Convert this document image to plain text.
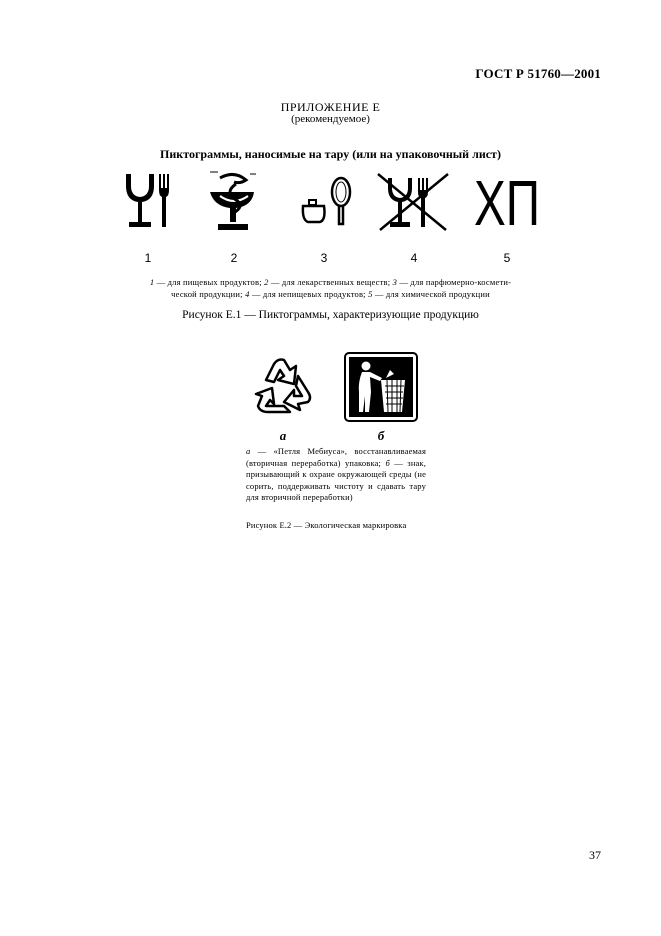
ГОСТ Р 51760—2001
ПРИЛОЖЕНИЕ Е
(рекомендуемое)
Пиктограммы, наносимые на тару (или на упаковочный лист)
1	2	3	4
ХП
5
1 — для пищевых продуктов; 2 — для лекарственных веществ; 3 — для парфюмерно-космети-
ческой продукции; 4 — для непищевых продуктов; 5 — для химической продукции
Рисунок Е.1 — Пиктограммы, характеризующие продукцию
а	б

а — «Петля Мебиуса», восстанавливаемая (вторичная переработка) упаковка; б — знак, призывающий к охране окружающей среды (не сорить, поддерживать чистоту и сдавать тару для вторичной переработки)

Рисунок Е.2 — Экологическая маркировка
37
